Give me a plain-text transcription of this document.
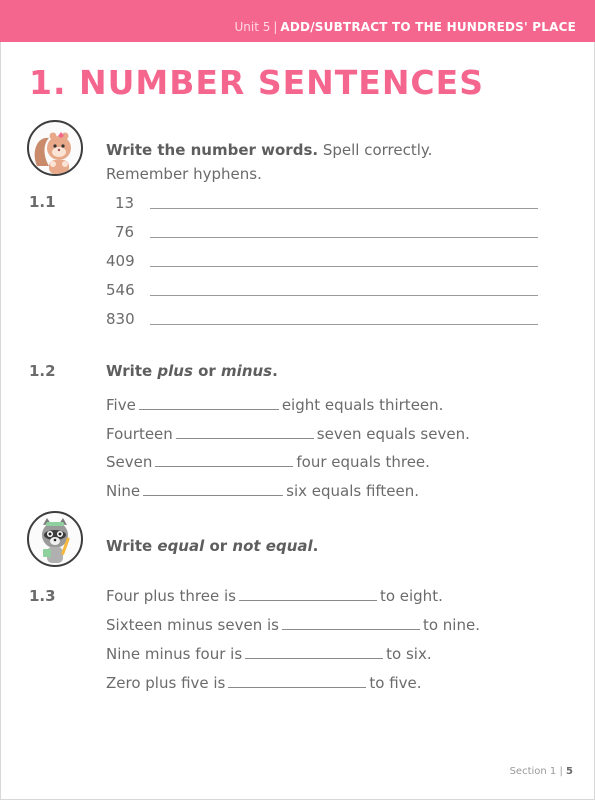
Unit 5 | ADD/SUBTRACT TO THE HUNDREDS' PLACE
1. NUMBER SENTENCES
Write the number words. Spell correctly.
Remember hyphens.
1.1	13
76
409
546
830
1.2	Write plus or minus.
Five	eight equals thirteen.
Fourteen	seven equals seven.
Seven	four equals three.
Nine	six equals fifteen.
Write equal or not equal.
1.3	Four plus three is	to eight.
Sixteen minus seven is	to nine.
Nine minus four is	to six.
Zero plus five is	to five.
Section 1 | 5
